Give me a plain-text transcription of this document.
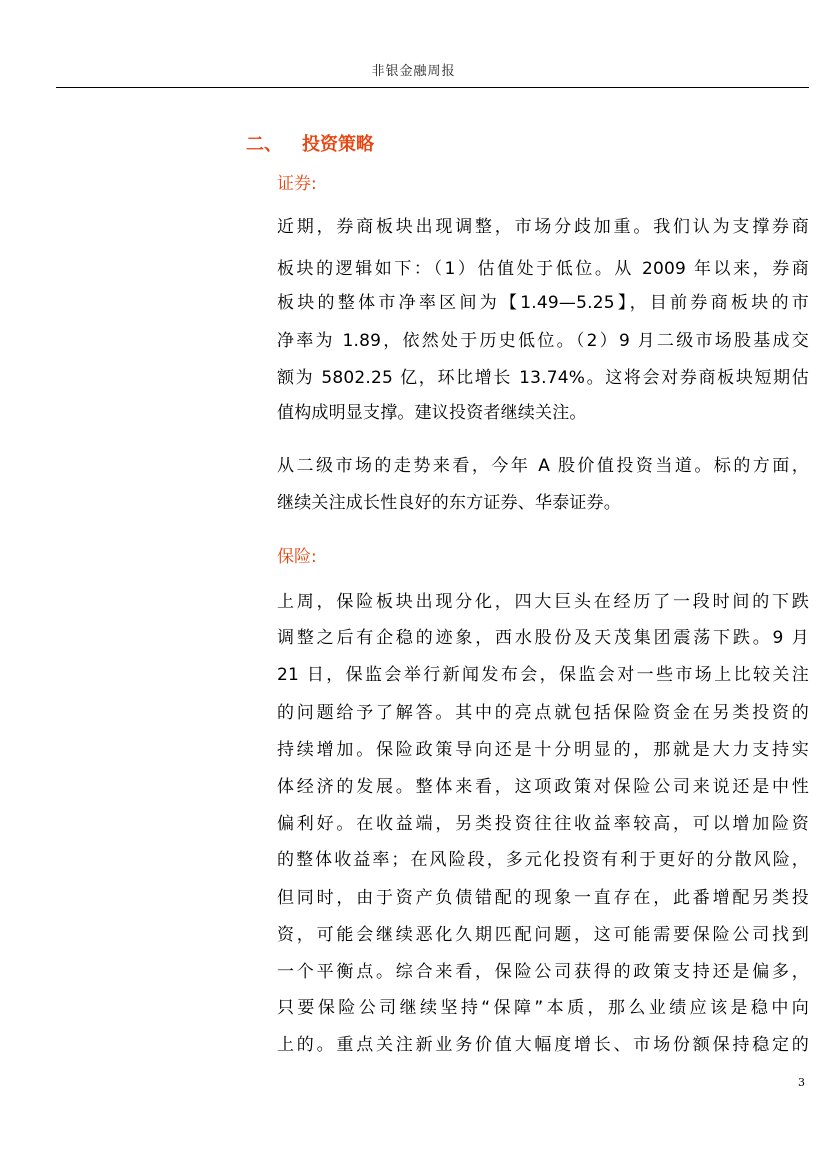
非银金融周报
二、 投资策略
证券:
近期，券商板块出现调整，市场分歧加重。我们认为支撑券商
板块的逻辑如下：（1）估值处于低位。从 2009 年以来，券商
板块的整体市净率区间为【1.49—5.25】，目前券商板块的市
净率为 1.89，依然处于历史低位。（2）9 月二级市场股基成交
额为 5802.25 亿，环比增长 13.74%。这将会对券商板块短期估
值构成明显支撑。建议投资者继续关注。
从二级市场的走势来看，今年 A 股价值投资当道。标的方面，
继续关注成长性良好的东方证券、华泰证券。
保险:
上周，保险板块出现分化，四大巨头在经历了一段时间的下跌
调整之后有企稳的迹象，西水股份及天茂集团震荡下跌。9 月
21 日，保监会举行新闻发布会，保监会对一些市场上比较关注
的问题给予了解答。其中的亮点就包括保险资金在另类投资的
持续增加。保险政策导向还是十分明显的，那就是大力支持实
体经济的发展。整体来看，这项政策对保险公司来说还是中性
偏利好。在收益端，另类投资往往收益率较高，可以增加险资
的整体收益率；在风险段，多元化投资有利于更好的分散风险，
但同时，由于资产负债错配的现象一直存在，此番增配另类投
资，可能会继续恶化久期匹配问题，这可能需要保险公司找到
一个平衡点。综合来看，保险公司获得的政策支持还是偏多，
只要保险公司继续坚持“保障”本质，那么业绩应该是稳中向
上的。重点关注新业务价值大幅度增长、市场份额保持稳定的
3
